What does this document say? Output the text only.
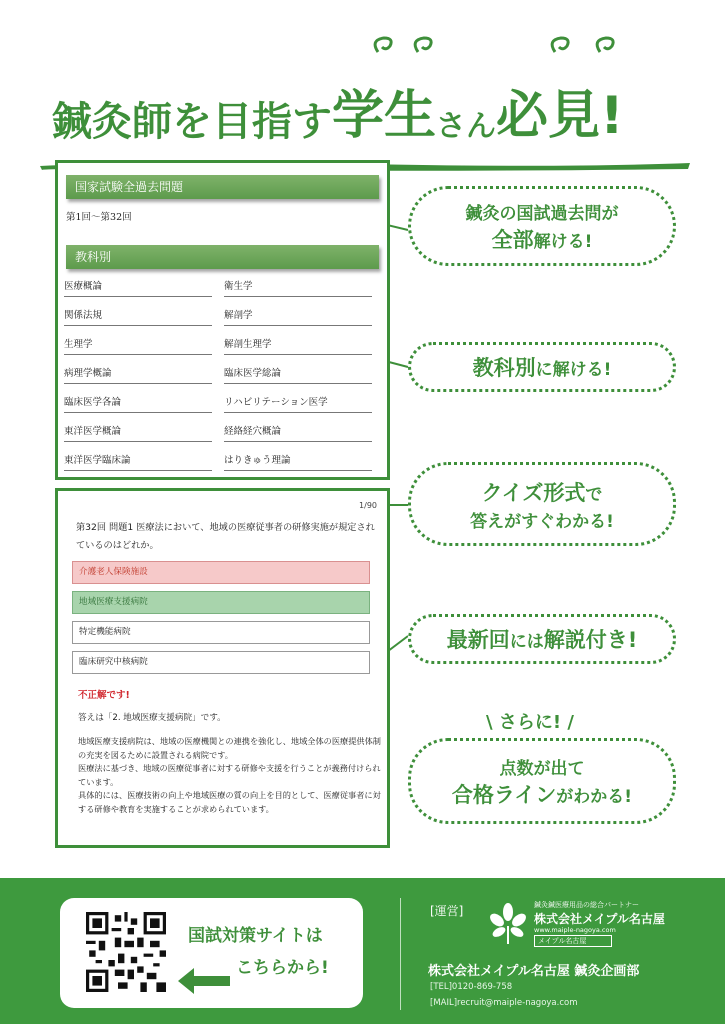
鍼灸師を目指す 学生 さん 必見 !
国家試験全過去問題
第1回〜第32回
教科別
医療概論	衛生学
関係法規	解剖学
生理学	解剖生理学
病理学概論	臨床医学総論
臨床医学各論	リハビリテーション医学
東洋医学概論	経絡経穴概論
東洋医学臨床論	はりきゅう理論
1/90
第32回 問題1 医療法において、地域の医療従事者の研修実施が規定されているのはどれか。
介護老人保険施設
地域医療支援病院
特定機能病院
臨床研究中核病院
不正解です!
答えは「2. 地域医療支援病院」です。
地域医療支援病院は、地域の医療機関との連携を強化し、地域全体の医療提供体制の充実を図るために設置される病院です。
医療法に基づき、地域の医療従事者に対する研修や支援を行うことが義務付けられています。
具体的には、医療技術の向上や地域医療の質の向上を目的として、医療従事者に対する研修や教育を実施することが求められています。
鍼灸の国試過去問が
全部解ける!
教科別に解ける!
クイズ形式で
答えがすぐわかる!
最新回には解説付き!
\ さらに! /
点数が出て
合格ラインがわかる!
国試対策サイトは
こちらから!
[運営]	鍼灸鍼医療用品の総合パートナー
株式会社メイプル名古屋
www.maiple-nagoya.com
メイプル名古屋
株式会社メイプル名古屋 鍼灸企画部
[TEL]0120-869-758
[MAIL]recruit@maiple-nagoya.com
